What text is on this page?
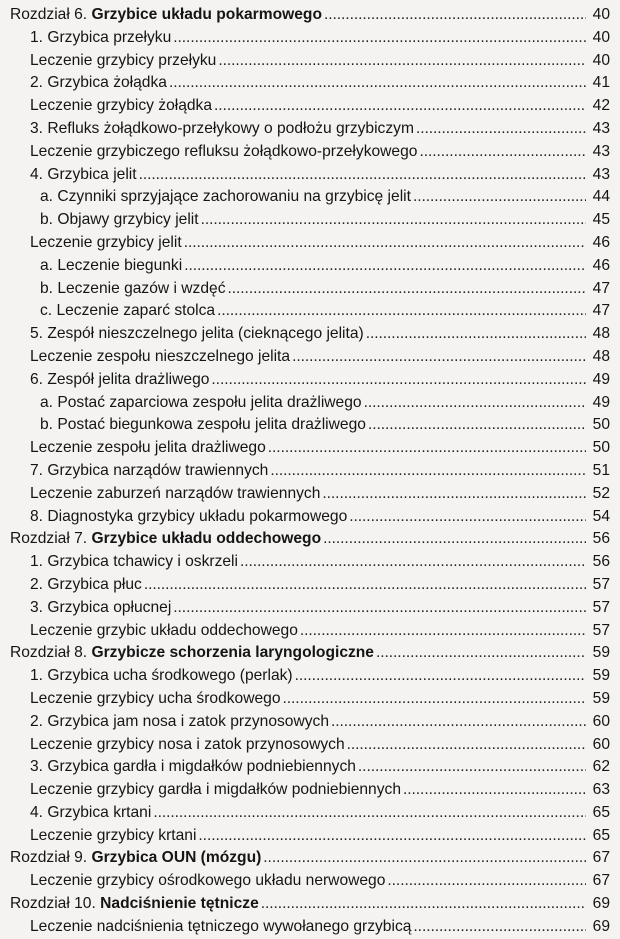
Rozdział 6. Grzybice układu pokarmowego . . .	40
1. Grzybica przełyku . . .	40
Leczenie grzybicy przełyku . . .	40
2. Grzybica żołądka . . .	41
Leczenie grzybicy żołądka . . .	42
3. Refluks żołądkowo-przełykowy o podłożu grzybiczym . . .	43
Leczenie grzybiczego refluksu żołądkowo-przełykowego . . .	43
4. Grzybica jelit . . .	43
a. Czynniki sprzyjające zachorowaniu na grzybicę jelit . . .	44
b. Objawy grzybicy jelit . . .	45
Leczenie grzybicy jelit . . .	46
a. Leczenie biegunki . . .	46
b. Leczenie gazów i wzdęć . . .	47
c. Leczenie zaparć stolca . . .	47
5. Zespół nieszczelnego jelita (cieknącego jelita) . . .	48
Leczenie zespołu nieszczelnego jelita . . .	48
6. Zespół jelita drażliwego . . .	49
a. Postać zaparciowa zespołu jelita drażliwego . . .	49
b. Postać biegunkowa zespołu jelita drażliwego . . .	50
Leczenie zespołu jelita drażliwego . . .	50
7. Grzybica narządów trawiennych . . .	51
Leczenie zaburzeń narządów trawiennych . . .	52
8. Diagnostyka grzybicy układu pokarmowego . . .	54
Rozdział 7. Grzybice układu oddechowego . . .	56
1. Grzybica tchawicy i oskrzeli . . .	56
2. Grzybica płuc . . .	57
3. Grzybica opłucnej . . .	57
Leczenie grzybic układu oddechowego . . .	57
Rozdział 8. Grzybicze schorzenia laryngologiczne . . .	59
1. Grzybica ucha środkowego (perlak) . . .	59
Leczenie grzybicy ucha środkowego . . .	59
2. Grzybica jam nosa i zatok przynosowych . . .	60
Leczenie grzybicy nosa i zatok przynosowych . . .	60
3. Grzybica gardła i migdałków podniebiennych . . .	62
Leczenie grzybicy gardła i migdałków podniebiennych . . .	63
4. Grzybica krtani . . .	65
Leczenie grzybicy krtani . . .	65
Rozdział 9. Grzybica OUN (mózgu) . . .	67
Leczenie grzybicy ośrodkowego układu nerwowego . . .	67
Rozdział 10. Nadciśnienie tętnicze . . .	69
Leczenie nadciśnienia tętniczego wywołanego grzybicą . . .	69
